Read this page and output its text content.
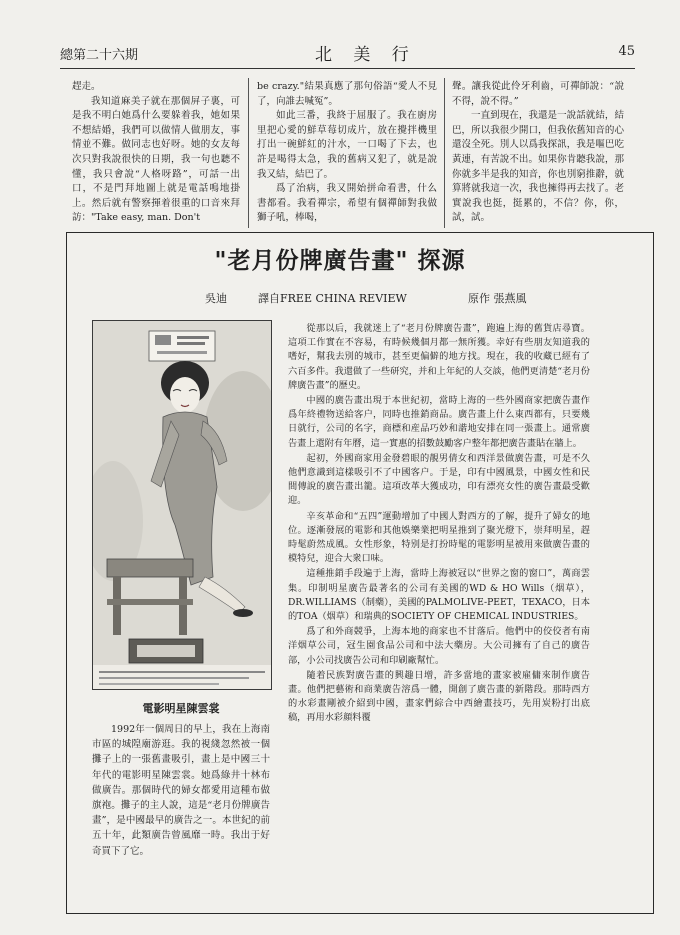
總第二十六期	北 美 行	45

趕走。

我知道麻美子就在那個屏子裏，可是我不明白她爲什么要躲着我，她如果不想結婚，我們可以做情人做朋友，事情並不難。做同志也好呀。她的女友每次只對我說很快的日期，我一句也聽不懂，我只會說“人格呀路”，可話一出口，不是門拜地圖上就是電話鳴地掛上。然后就有警察揮着很重的口音來拜訪："Take easy, man. Don't

be crazy."結果真應了那句俗語“愛人不見了，向誰去喊冤”。

如此三番，我終于屈服了。我在廚房里把心愛的鮮草莓切成片，放在攪拌機里打出一碗鮮紅的汁水，一口喝了下去，也許是喝得太急，我的舊病又犯了，就是說我又結，結巴了。

爲了治病，我又開始拼命看書，什么書都看。我看禪宗，希望有個禪師對我做獅子吼，棒喝，

聲。讓我從此伶牙利齒，可禪師說：“說不得，說不得。”

一直到現在，我還是一說話就結，結巴，所以我很少開口，但我依舊知音的心還沒全死。別人以爲我探訊，我是嘔巴吃黃連，有苦說不出。如果你肯聽我說，那你就多半是我的知音，你也別窮推辭，就算將就我這一次，我也擁得再去找了。老實說我也挺，挺累的，不信？你，你，試，試。

"老月份牌廣告畫" 探源
吳迪	譯自FREE CHINA REVIEW	原作 張燕風
電影明星陳雲裳

1992年一個周日的早上，我在上海南市區的城隍廟游逛。我的視綫忽然被一個攤子上的一張舊畫吸引，畫上是中國三十年代的電影明星陳雲裳。她爲綠井十林布做廣告。那個時代的婦女都愛用這種布做旗袍。攤子的主人說，這是“老月份牌廣告畫”，是中國最早的廣告之一。本世紀的前五十年，此類廣告曾風靡一時。我出于好奇買下了它。

從那以后，我就迷上了“老月份牌廣告畫”，跑遍上海的舊貨店尋寶。這項工作實在不容易，有時候幾個月都一無所獲。幸好有些朋友知道我的嗜好，幫我去別的城市，甚至更偏僻的地方找。現在，我的收藏已經有了六百多件。我還做了一些研究，并和上年紀的人交談，他們更清楚“老月份牌廣告畫”的歷史。

中國的廣告畫出現于本世紀初，當時上海的一些外國商家把廣告畫作爲年終禮物送給客户，同時也推銷商品。廣告畫上什么東西都有，只要幾日就行，公司的名字，商標和産品巧妙和諧地安排在同一張畫上。通常廣告畫上還附有年曆，這一實惠的招數鼓勵客户整年都把廣告畫貼在牆上。

起初，外國商家用金發碧眼的靚男倩女和西洋景做廣告畫，可是不久他們意識到這樣吸引不了中國客户。于是，印有中國風景，中國女性和民間傳說的廣告畫出籠。這項改革大獲成功，印有漂亮女性的廣告畫最受歡迎。

辛亥革命和“五四”運動增加了中國人對西方的了解，提升了婦女的地位。逐漸發展的電影和其他娛樂業把明星推到了聚光燈下，崇拜明星，趕時髦蔚然成風。女性形象，特别是打扮時髦的電影明星被用來做廣告畫的模特兒，迎合大衆口味。

這種推銷手段遍于上海，當時上海被冠以“世界之窗的窗口”，萬商雲集。印制明星廣告最著名的公司有美國的WD & HO Wills（烟草），DR.WILLIAMS（制藥），美國的PALMOLIVE-PEET，TEXACO，日本的TOA（烟草）和瑞典的SOCIETY OF CHEMICAL INDUSTRIES。

爲了和外商競爭，上海本地的商家也不甘落后。他們中的佼佼者有南洋烟草公司，冠生園食品公司和中法大藥房。大公司擁有了自己的廣告部，小公司找廣告公司和印刷廠幫忙。

隨着民族對廣告畫的興趣日增，許多當地的畫家被雇傭來制作廣告畫。他們把藝術和商業廣告溶爲一體，開創了廣告畫的新階段。那時西方的水彩畫剛被介紹到中國，畫家們綜合中西繪畫技巧，先用炭粉打出底稿，再用水彩顔料覆
